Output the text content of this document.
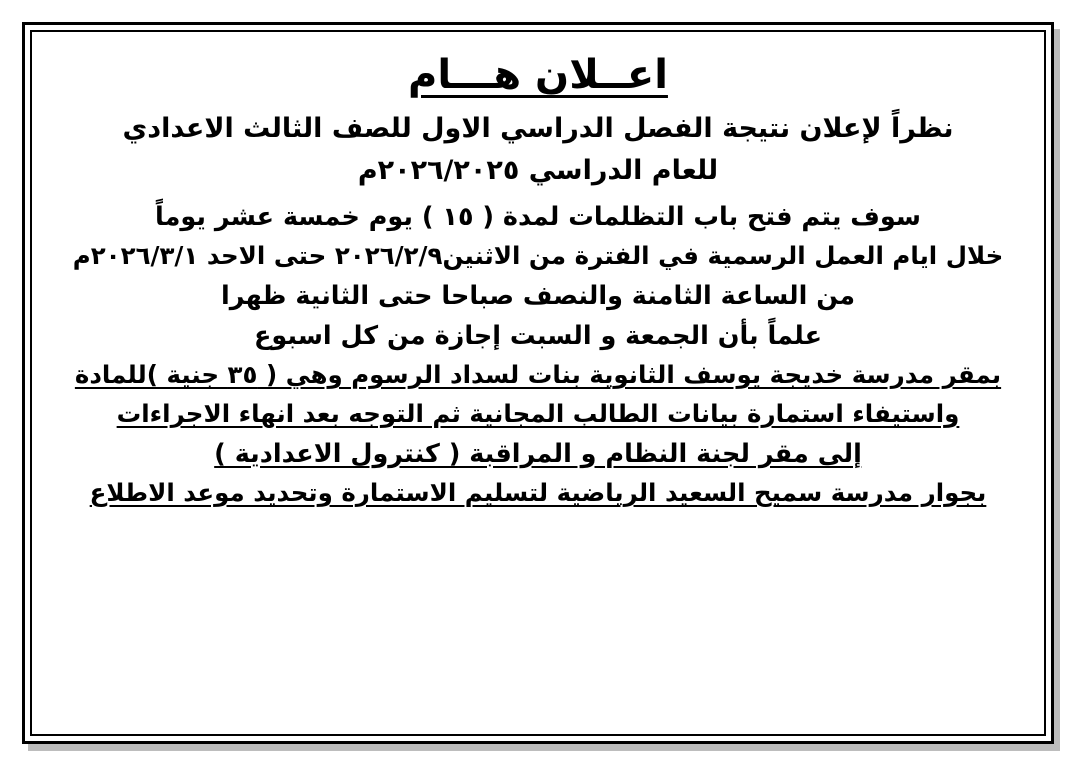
اعــلان هـــام
نظراً لإعلان نتيجة الفصل الدراسي الاول للصف الثالث الاعدادي
للعام الدراسي ٢٠٢٦/٢٠٢٥م
سوف يتم فتح باب التظلمات لمدة ( ١٥ ) يوم خمسة عشر يوماً
خلال ايام العمل الرسمية في الفترة من الاثنين٢٠٢٦/٢/٩ حتى الاحد ٢٠٢٦/٣/١م
من الساعة الثامنة والنصف صباحا حتى الثانية ظهرا
علماً بأن الجمعة و السبت إجازة من كل اسبوع
بمقر مدرسة خديجة يوسف الثانوية بنات لسداد الرسوم وهي ( ٣٥ جنية )للمادة
واستيفاء استمارة بيانات الطالب المجانية ثم التوجه بعد انهاء الاجراءات
إلى مقر لجنة النظام و المراقبة ( كنترول الاعدادية )
بجوار مدرسة سميح السعيد الرياضية لتسليم الاستمارة وتحديد موعد الاطلاع
